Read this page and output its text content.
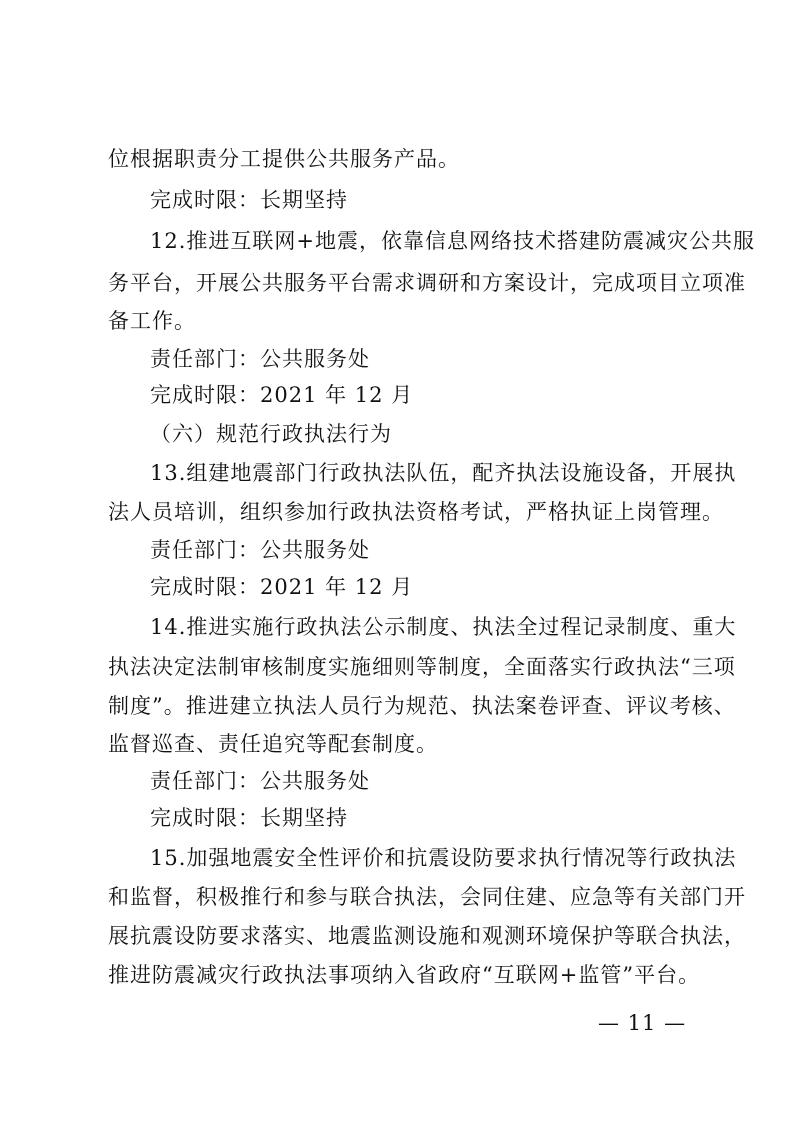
位根据职责分工提供公共服务产品。
完成时限：长期坚持
12.推进互联网+地震，依靠信息网络技术搭建防震减灾公共服
务平台，开展公共服务平台需求调研和方案设计，完成项目立项准
备工作。
责任部门：公共服务处
完成时限：2021 年 12 月
（六）规范行政执法行为
13.组建地震部门行政执法队伍，配齐执法设施设备，开展执
法人员培训，组织参加行政执法资格考试，严格执证上岗管理。
责任部门：公共服务处
完成时限：2021 年 12 月
14.推进实施行政执法公示制度、执法全过程记录制度、重大
执法决定法制审核制度实施细则等制度，全面落实行政执法“三项
制度”。推进建立执法人员行为规范、执法案卷评查、评议考核、
监督巡查、责任追究等配套制度。
责任部门：公共服务处
完成时限：长期坚持
15.加强地震安全性评价和抗震设防要求执行情况等行政执法
和监督，积极推行和参与联合执法，会同住建、应急等有关部门开
展抗震设防要求落实、地震监测设施和观测环境保护等联合执法，
推进防震减灾行政执法事项纳入省政府“互联网+监管”平台。
— 11 —
